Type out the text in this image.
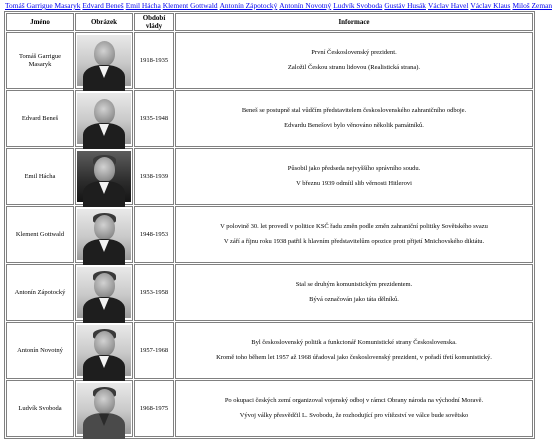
Tomáš Garrigue Masaryk Edvard Beneš Emil Hácha Klement Gottwald Antonín Zápotocký Antonín Novotný Ludvík Svoboda Gustáv Husák Václav Havel Václav Klaus Miloš Zeman
Jméno	Obrázek	Období vlády	Informace
Tomáš Garrigue Masaryk		1918-1935	První Československý prezident.

Založil Českou stranu lidovou (Realistická strana).

Edvard Beneš		1935-1948	Beneš se postupně stal vůdčím představitelem československého zahraničního odboje.

Edvardu Benešovi bylo věnováno několik památníků.

Emil Hácha		1938-1939	Působil jako předseda nejvyššího správního soudu.

V březnu 1939 odmítl slib věrnosti Hitlerovi

Klement Gottwald		1948-1953	V polovině 30. let provedl v politice KSČ řadu změn podle změn zahraniční politiky Sovětského svazu

V září a říjnu roku 1938 patřil k hlavním představitelům opozice proti přijetí Mnichovského diktátu.

Antonín Zápotocký		1953-1958	Stal se druhým komunistickým prezidentem.

Bývá označován jako táta dělníků.

Antonín Novotný		1957-1968	Byl československý politik a funkcionář Komunistické strany Československa.

Kromě toho během let 1957 až 1968 úřadoval jako československý prezident, v pořadí třetí komunistický.

Ludvík Svoboda		1968-1975	Po okupaci českých zemí organizoval vojenský odboj v rámci Obrany národa na východní Moravě.

Vývoj války přesvědčil L. Svobodu, že rozhodující pro vítězství ve válce bude sovětsko
